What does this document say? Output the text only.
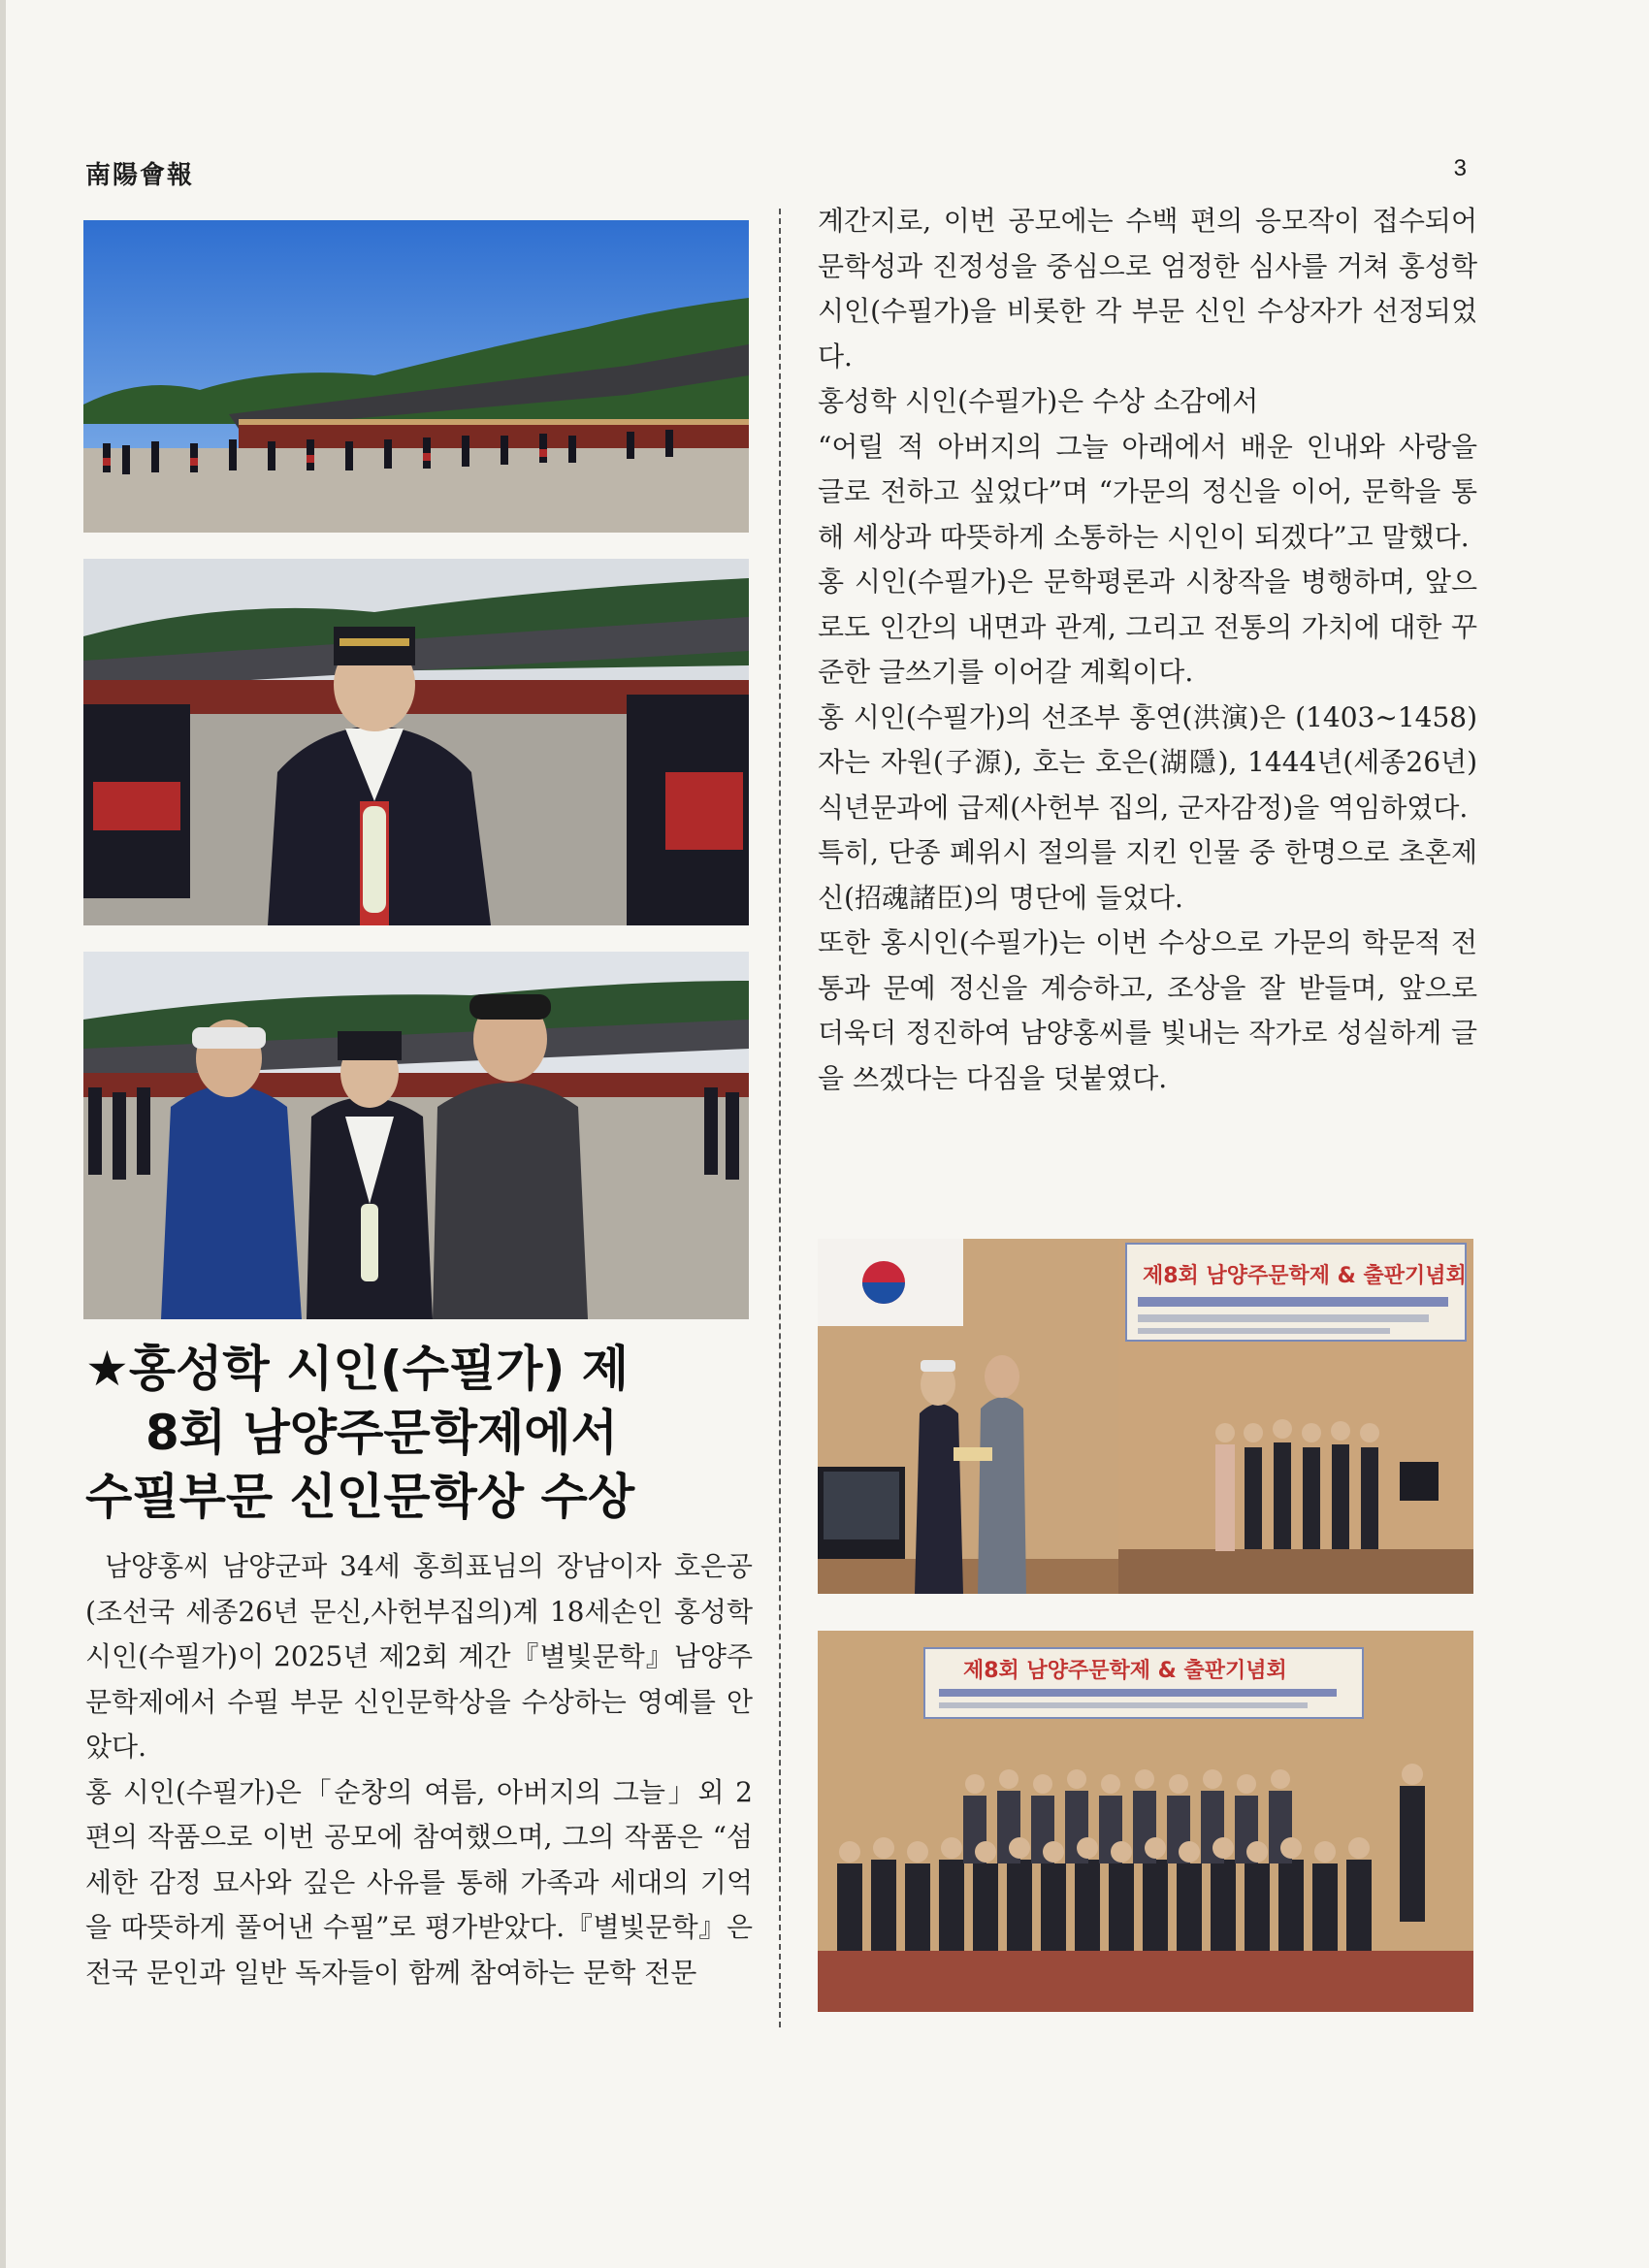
南陽會報	3

★홍성학 시인(수필가) 제

8회 남양주문학제에서

수필부문 신인문학상 수상

남양홍씨 남양군파 34세 홍희표님의 장남이자 호은공(조선국 세종26년 문신,사헌부집의)계 18세손인 홍성학 시인(수필가)이 2025년 제2회 계간『별빛문학』남양주문학제에서 수필 부문 신인문학상을 수상하는 영예를 안았다.

홍 시인(수필가)은「순창의 여름, 아버지의 그늘」외 2편의 작품으로 이번 공모에 참여했으며, 그의 작품은 “섬세한 감정 묘사와 깊은 사유를 통해 가족과 세대의 기억을 따뜻하게 풀어낸 수필”로 평가받았다.『별빛문학』은 전국 문인과 일반 독자들이 함께 참여하는 문학 전문

계간지로, 이번 공모에는 수백 편의 응모작이 접수되어 문학성과 진정성을 중심으로 엄정한 심사를 거쳐 홍성학 시인(수필가)을 비롯한 각 부문 신인 수상자가 선정되었다.

홍성학 시인(수필가)은 수상 소감에서

“어릴 적 아버지의 그늘 아래에서 배운 인내와 사랑을 글로 전하고 싶었다”며 “가문의 정신을 이어, 문학을 통해 세상과 따뜻하게 소통하는 시인이 되겠다”고 말했다.

홍 시인(수필가)은 문학평론과 시창작을 병행하며, 앞으로도 인간의 내면과 관계, 그리고 전통의 가치에 대한 꾸준한 글쓰기를 이어갈 계획이다.

홍 시인(수필가)의 선조부 홍연(洪演)은 (1403~1458) 자는 자원(子源), 호는 호은(湖隱), 1444년(세종26년) 식년문과에 급제(사헌부 집의, 군자감정)을 역임하였다.

특히, 단종 폐위시 절의를 지킨 인물 중 한명으로 초혼제신(招魂諸臣)의 명단에 들었다.

또한 홍시인(수필가)는 이번 수상으로 가문의 학문적 전통과 문예 정신을 계승하고, 조상을 잘 받들며, 앞으로 더욱더 정진하여 남양홍씨를 빛내는 작가로 성실하게 글을 쓰겠다는 다짐을 덧붙였다.

제8회 남양주문학제 & 출판기념회
제8회 남양주문학제 & 출판기념회
